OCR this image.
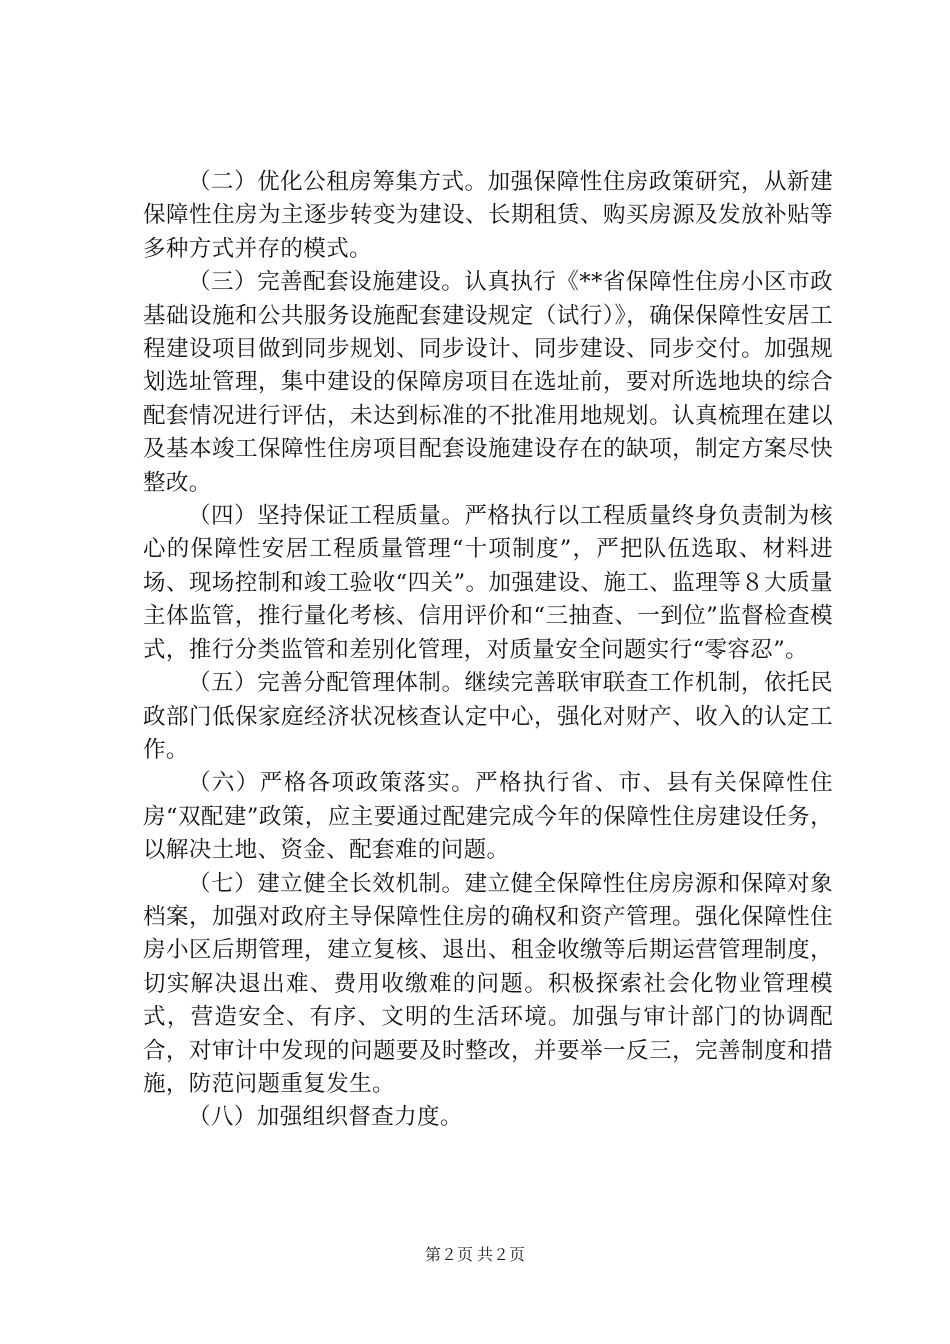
（二）优化公租房筹集方式。加强保障性住房政策研究，从新建保障性住房为主逐步转变为建设、长期租赁、购买房源及发放补贴等多种方式并存的模式。

（三）完善配套设施建设。认真执行《**省保障性住房小区市政基础设施和公共服务设施配套建设规定（试行）》，确保保障性安居工程建设项目做到同步规划、同步设计、同步建设、同步交付。加强规划选址管理，集中建设的保障房项目在选址前，要对所选地块的综合配套情况进行评估，未达到标准的不批准用地规划。认真梳理在建以及基本竣工保障性住房项目配套设施建设存在的缺项，制定方案尽快整改。

（四）坚持保证工程质量。严格执行以工程质量终身负责制为核心的保障性安居工程质量管理“十项制度”，严把队伍选取、材料进场、现场控制和竣工验收“四关”。加强建设、施工、监理等８大质量主体监管，推行量化考核、信用评价和“三抽查、一到位”监督检查模式，推行分类监管和差别化管理，对质量安全问题实行“零容忍”。

（五）完善分配管理体制。继续完善联审联查工作机制，依托民政部门低保家庭经济状况核查认定中心，强化对财产、收入的认定工作。

（六）严格各项政策落实。严格执行省、市、县有关保障性住房“双配建”政策，应主要通过配建完成今年的保障性住房建设任务，以解决土地、资金、配套难的问题。

（七）建立健全长效机制。建立健全保障性住房房源和保障对象档案，加强对政府主导保障性住房的确权和资产管理。强化保障性住房小区后期管理，建立复核、退出、租金收缴等后期运营管理制度，切实解决退出难、费用收缴难的问题。积极探索社会化物业管理模式，营造安全、有序、文明的生活环境。加强与审计部门的协调配合，对审计中发现的问题要及时整改，并要举一反三，完善制度和措施，防范问题重复发生。

（八）加强组织督查力度。

第２页 共２页
